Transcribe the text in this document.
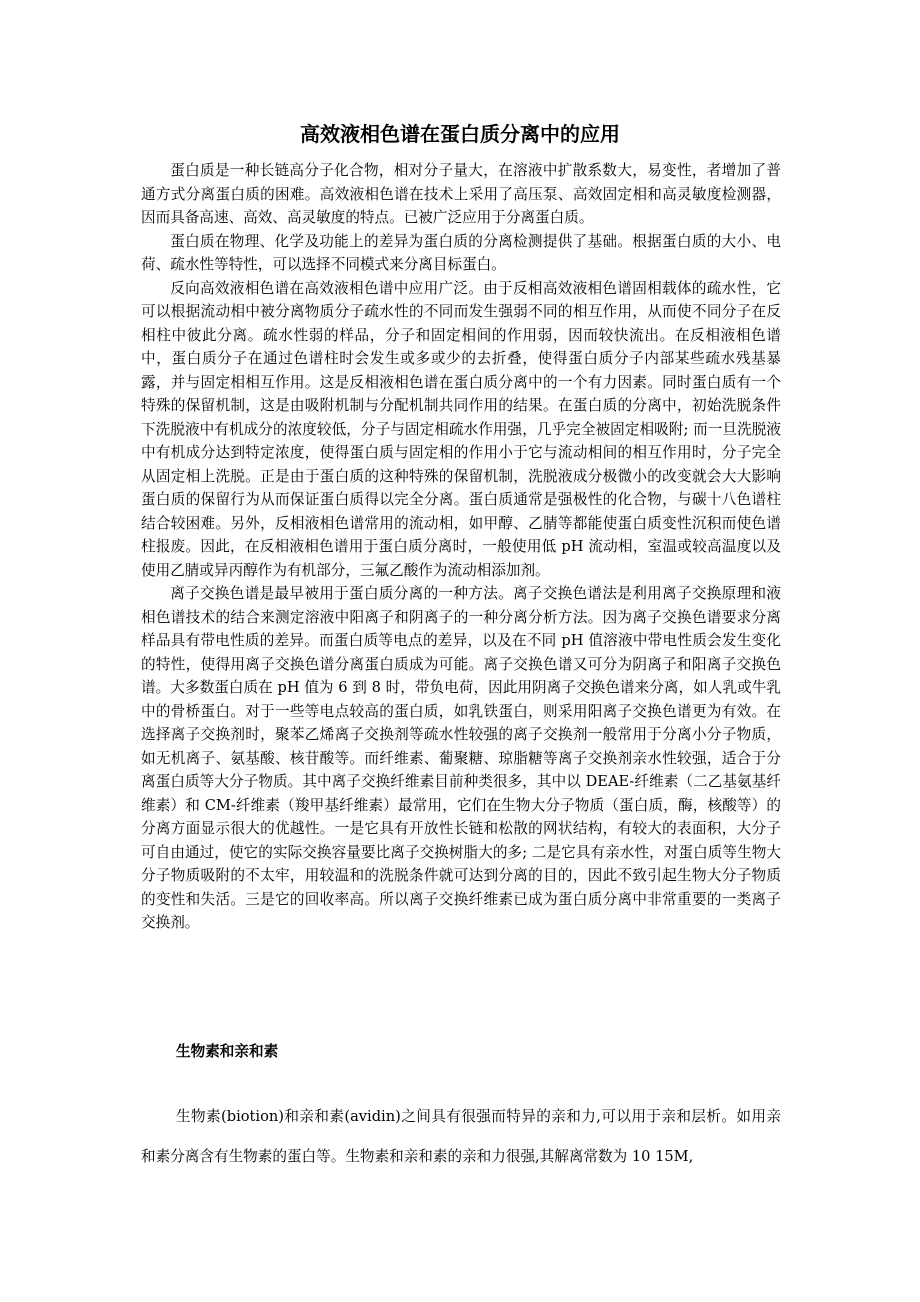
高效液相色谱在蛋白质分离中的应用

蛋白质是一种长链高分子化合物，相对分子量大，在溶液中扩散系数大，易变性，者增加了普通方式分离蛋白质的困难。高效液相色谱在技术上采用了高压泵、高效固定相和高灵敏度检测器，因而具备高速、高效、高灵敏度的特点。已被广泛应用于分离蛋白质。

蛋白质在物理、化学及功能上的差异为蛋白质的分离检测提供了基础。根据蛋白质的大小、电荷、疏水性等特性，可以选择不同模式来分离目标蛋白。

反向高效液相色谱在高效液相色谱中应用广泛。由于反相高效液相色谱固相载体的疏水性，它可以根据流动相中被分离物质分子疏水性的不同而发生强弱不同的相互作用，从而使不同分子在反相柱中彼此分离。疏水性弱的样品，分子和固定相间的作用弱，因而较快流出。在反相液相色谱中，蛋白质分子在通过色谱柱时会发生或多或少的去折叠，使得蛋白质分子内部某些疏水残基暴露，并与固定相相互作用。这是反相液相色谱在蛋白质分离中的一个有力因素。同时蛋白质有一个特殊的保留机制，这是由吸附机制与分配机制共同作用的结果。在蛋白质的分离中，初始洗脱条件下洗脱液中有机成分的浓度较低，分子与固定相疏水作用强，几乎完全被固定相吸附; 而一旦洗脱液中有机成分达到特定浓度，使得蛋白质与固定相的作用小于它与流动相间的相互作用时，分子完全从固定相上洗脱。正是由于蛋白质的这种特殊的保留机制，洗脱液成分极微小的改变就会大大影响蛋白质的保留行为从而保证蛋白质得以完全分离。蛋白质通常是强极性的化合物，与碳十八色谱柱结合较困难。另外，反相液相色谱常用的流动相，如甲醇、乙腈等都能使蛋白质变性沉积而使色谱柱报废。因此，在反相液相色谱用于蛋白质分离时，一般使用低 pH 流动相，室温或较高温度以及使用乙腈或异丙醇作为有机部分，三氟乙酸作为流动相添加剂。

离子交换色谱是最早被用于蛋白质分离的一种方法。离子交换色谱法是利用离子交换原理和液相色谱技术的结合来测定溶液中阳离子和阴离子的一种分离分析方法。因为离子交换色谱要求分离样品具有带电性质的差异。而蛋白质等电点的差异，以及在不同 pH 值溶液中带电性质会发生变化的特性，使得用离子交换色谱分离蛋白质成为可能。离子交换色谱又可分为阴离子和阳离子交换色谱。大多数蛋白质在 pH 值为 6 到 8 时，带负电荷，因此用阴离子交换色谱来分离，如人乳或牛乳中的骨桥蛋白。对于一些等电点较高的蛋白质，如乳铁蛋白，则采用阳离子交换色谱更为有效。在选择离子交换剂时，聚苯乙烯离子交换剂等疏水性较强的离子交换剂一般常用于分离小分子物质，如无机离子、氨基酸、核苷酸等。而纤维素、葡聚糖、琼脂糖等离子交换剂亲水性较强，适合于分离蛋白质等大分子物质。其中离子交换纤维素目前种类很多，其中以 DEAE-纤维素（二乙基氨基纤维素）和 CM-纤维素（羧甲基纤维素）最常用，它们在生物大分子物质（蛋白质，酶，核酸等）的分离方面显示很大的优越性。一是它具有开放性长链和松散的网状结构，有较大的表面积，大分子可自由通过，使它的实际交换容量要比离子交换树脂大的多; 二是它具有亲水性，对蛋白质等生物大分子物质吸附的不太牢，用较温和的洗脱条件就可达到分离的目的，因此不致引起生物大分子物质的变性和失活。三是它的回收率高。所以离子交换纤维素已成为蛋白质分离中非常重要的一类离子交换剂。

生物素和亲和素

生物素(biotion)和亲和素(avidin)之间具有很强而特异的亲和力,可以用于亲和层析。如用亲和素分离含有生物素的蛋白等。生物素和亲和素的亲和力很强,其解离常数为 10 15M,
